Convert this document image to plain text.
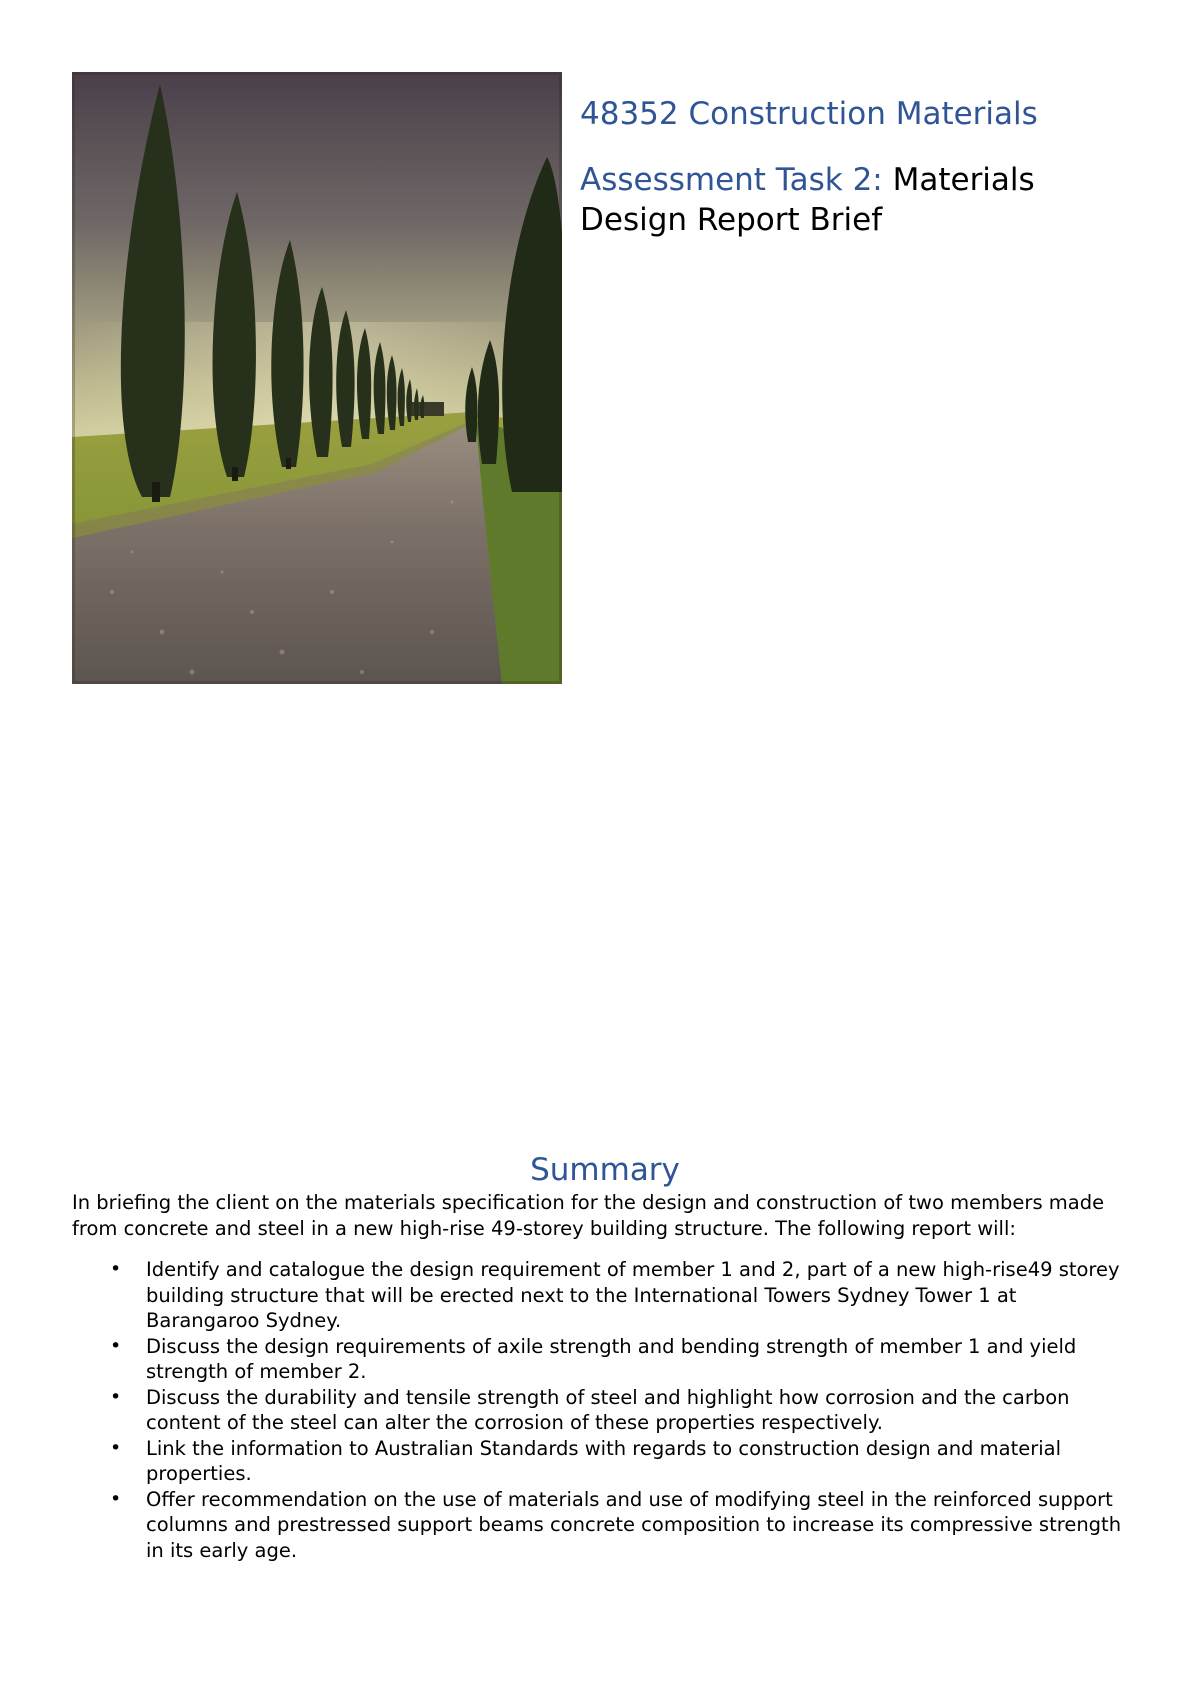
48352 Construction Materials
Assessment Task 2: Materials Design Report Brief
Summary

In briefing the client on the materials specification for the design and construction of two members made from concrete and steel in a new high-rise 49-storey building structure. The following report will:

• Identify and catalogue the design requirement of member 1 and 2, part of a new high-rise49 storey building structure that will be erected next to the International Towers Sydney Tower 1 at Barangaroo Sydney.
• Discuss the design requirements of axile strength and bending strength of member 1 and yield strength of member 2.
• Discuss the durability and tensile strength of steel and highlight how corrosion and the carbon content of the steel can alter the corrosion of these properties respectively.
• Link the information to Australian Standards with regards to construction design and material properties.
• Offer recommendation on the use of materials and use of modifying steel in the reinforced support columns and prestressed support beams concrete composition to increase its compressive strength in its early age.
